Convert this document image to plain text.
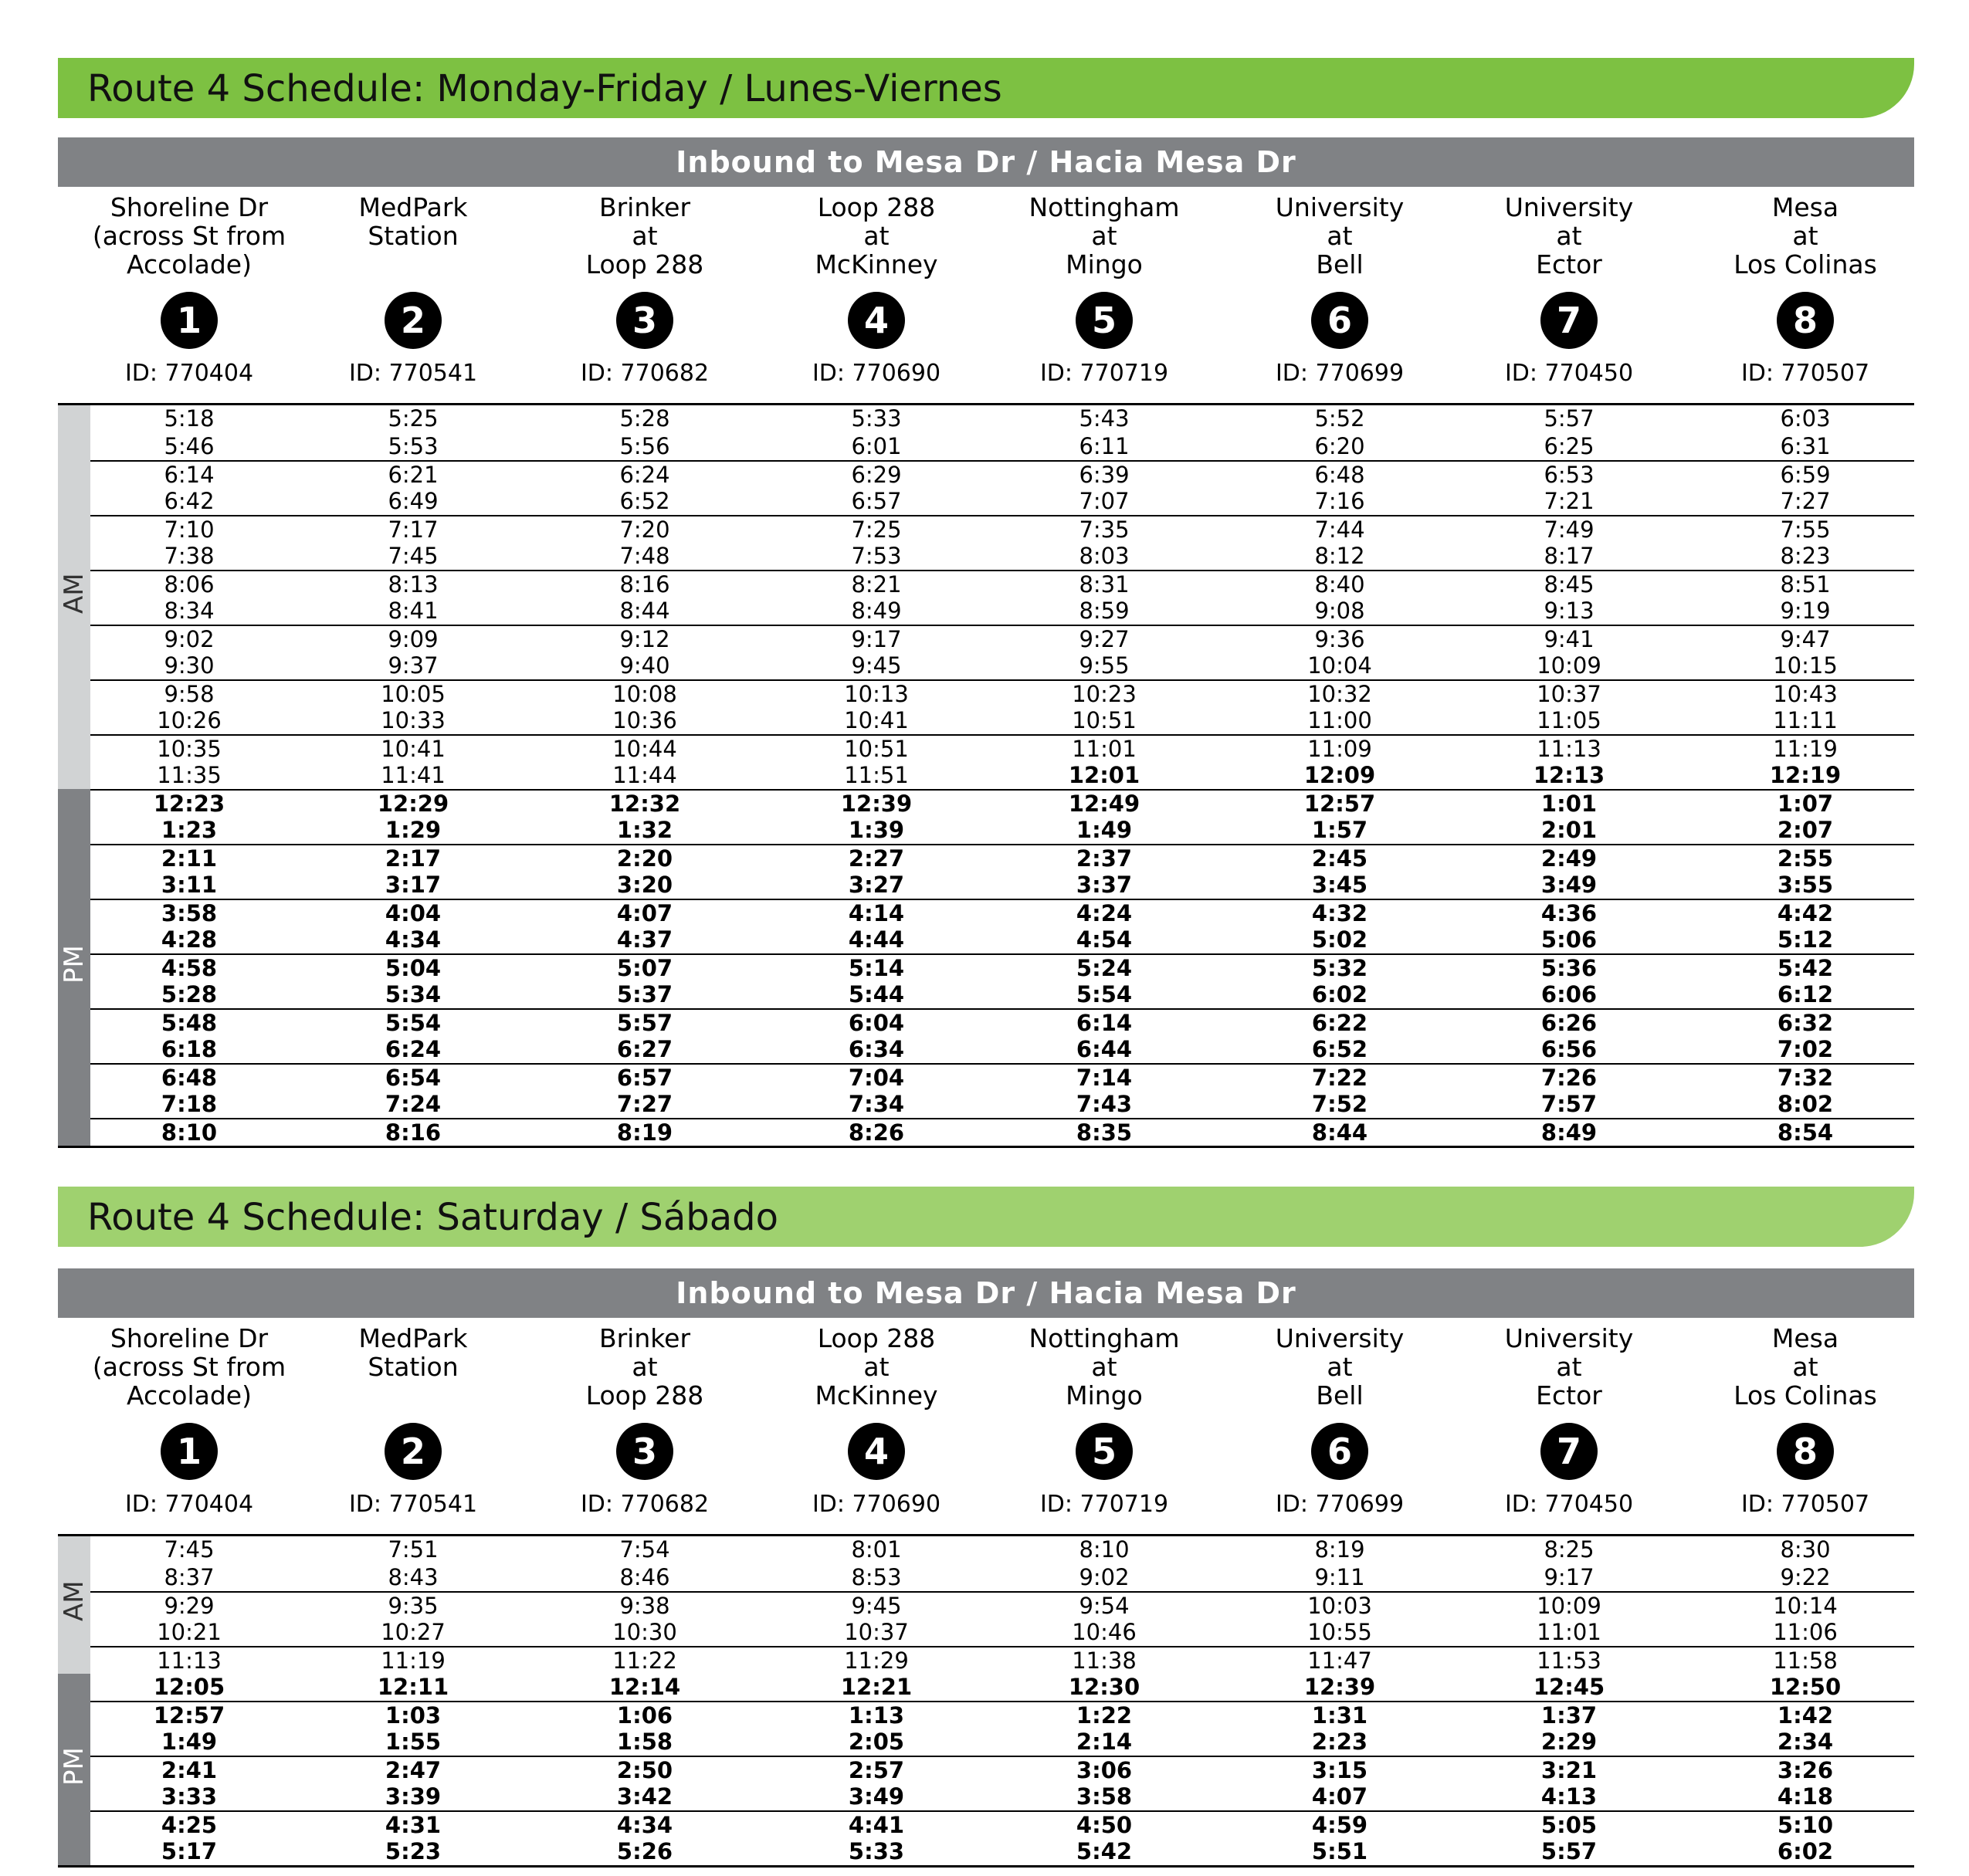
Route 4 Schedule: Monday-Friday / Lunes-Viernes
Inbound to Mesa Dr / Hacia Mesa Dr
Shoreline Dr
(across St from
Accolade)
1
ID: 770404
MedPark
Station
2
ID: 770541
Brinker
at
Loop 288
3
ID: 770682
Loop 288
at
McKinney
4
ID: 770690
Nottingham
at
Mingo
5
ID: 770719
University
at
Bell
6
ID: 770699
University
at
Ector
7
ID: 770450
Mesa
at
Los Colinas
8
ID: 770507
AM
PM
5:18	5:25	5:28	5:33	5:43	5:52	5:57	6:03
5:46	5:53	5:56	6:01	6:11	6:20	6:25	6:31
6:14	6:21	6:24	6:29	6:39	6:48	6:53	6:59
6:42	6:49	6:52	6:57	7:07	7:16	7:21	7:27
7:10	7:17	7:20	7:25	7:35	7:44	7:49	7:55
7:38	7:45	7:48	7:53	8:03	8:12	8:17	8:23
8:06	8:13	8:16	8:21	8:31	8:40	8:45	8:51
8:34	8:41	8:44	8:49	8:59	9:08	9:13	9:19
9:02	9:09	9:12	9:17	9:27	9:36	9:41	9:47
9:30	9:37	9:40	9:45	9:55	10:04	10:09	10:15
9:58	10:05	10:08	10:13	10:23	10:32	10:37	10:43
10:26	10:33	10:36	10:41	10:51	11:00	11:05	11:11
10:35	10:41	10:44	10:51	11:01	11:09	11:13	11:19
11:35	11:41	11:44	11:51	12:01	12:09	12:13	12:19
12:23	12:29	12:32	12:39	12:49	12:57	1:01	1:07
1:23	1:29	1:32	1:39	1:49	1:57	2:01	2:07
2:11	2:17	2:20	2:27	2:37	2:45	2:49	2:55
3:11	3:17	3:20	3:27	3:37	3:45	3:49	3:55
3:58	4:04	4:07	4:14	4:24	4:32	4:36	4:42
4:28	4:34	4:37	4:44	4:54	5:02	5:06	5:12
4:58	5:04	5:07	5:14	5:24	5:32	5:36	5:42
5:28	5:34	5:37	5:44	5:54	6:02	6:06	6:12
5:48	5:54	5:57	6:04	6:14	6:22	6:26	6:32
6:18	6:24	6:27	6:34	6:44	6:52	6:56	7:02
6:48	6:54	6:57	7:04	7:14	7:22	7:26	7:32
7:18	7:24	7:27	7:34	7:43	7:52	7:57	8:02
8:10	8:16	8:19	8:26	8:35	8:44	8:49	8:54
Route 4 Schedule: Saturday / Sábado
Inbound to Mesa Dr / Hacia Mesa Dr
Shoreline Dr
(across St from
Accolade)
1
ID: 770404
MedPark
Station
2
ID: 770541
Brinker
at
Loop 288
3
ID: 770682
Loop 288
at
McKinney
4
ID: 770690
Nottingham
at
Mingo
5
ID: 770719
University
at
Bell
6
ID: 770699
University
at
Ector
7
ID: 770450
Mesa
at
Los Colinas
8
ID: 770507
AM
PM
7:45	7:51	7:54	8:01	8:10	8:19	8:25	8:30
8:37	8:43	8:46	8:53	9:02	9:11	9:17	9:22
9:29	9:35	9:38	9:45	9:54	10:03	10:09	10:14
10:21	10:27	10:30	10:37	10:46	10:55	11:01	11:06
11:13	11:19	11:22	11:29	11:38	11:47	11:53	11:58
12:05	12:11	12:14	12:21	12:30	12:39	12:45	12:50
12:57	1:03	1:06	1:13	1:22	1:31	1:37	1:42
1:49	1:55	1:58	2:05	2:14	2:23	2:29	2:34
2:41	2:47	2:50	2:57	3:06	3:15	3:21	3:26
3:33	3:39	3:42	3:49	3:58	4:07	4:13	4:18
4:25	4:31	4:34	4:41	4:50	4:59	5:05	5:10
5:17	5:23	5:26	5:33	5:42	5:51	5:57	6:02
